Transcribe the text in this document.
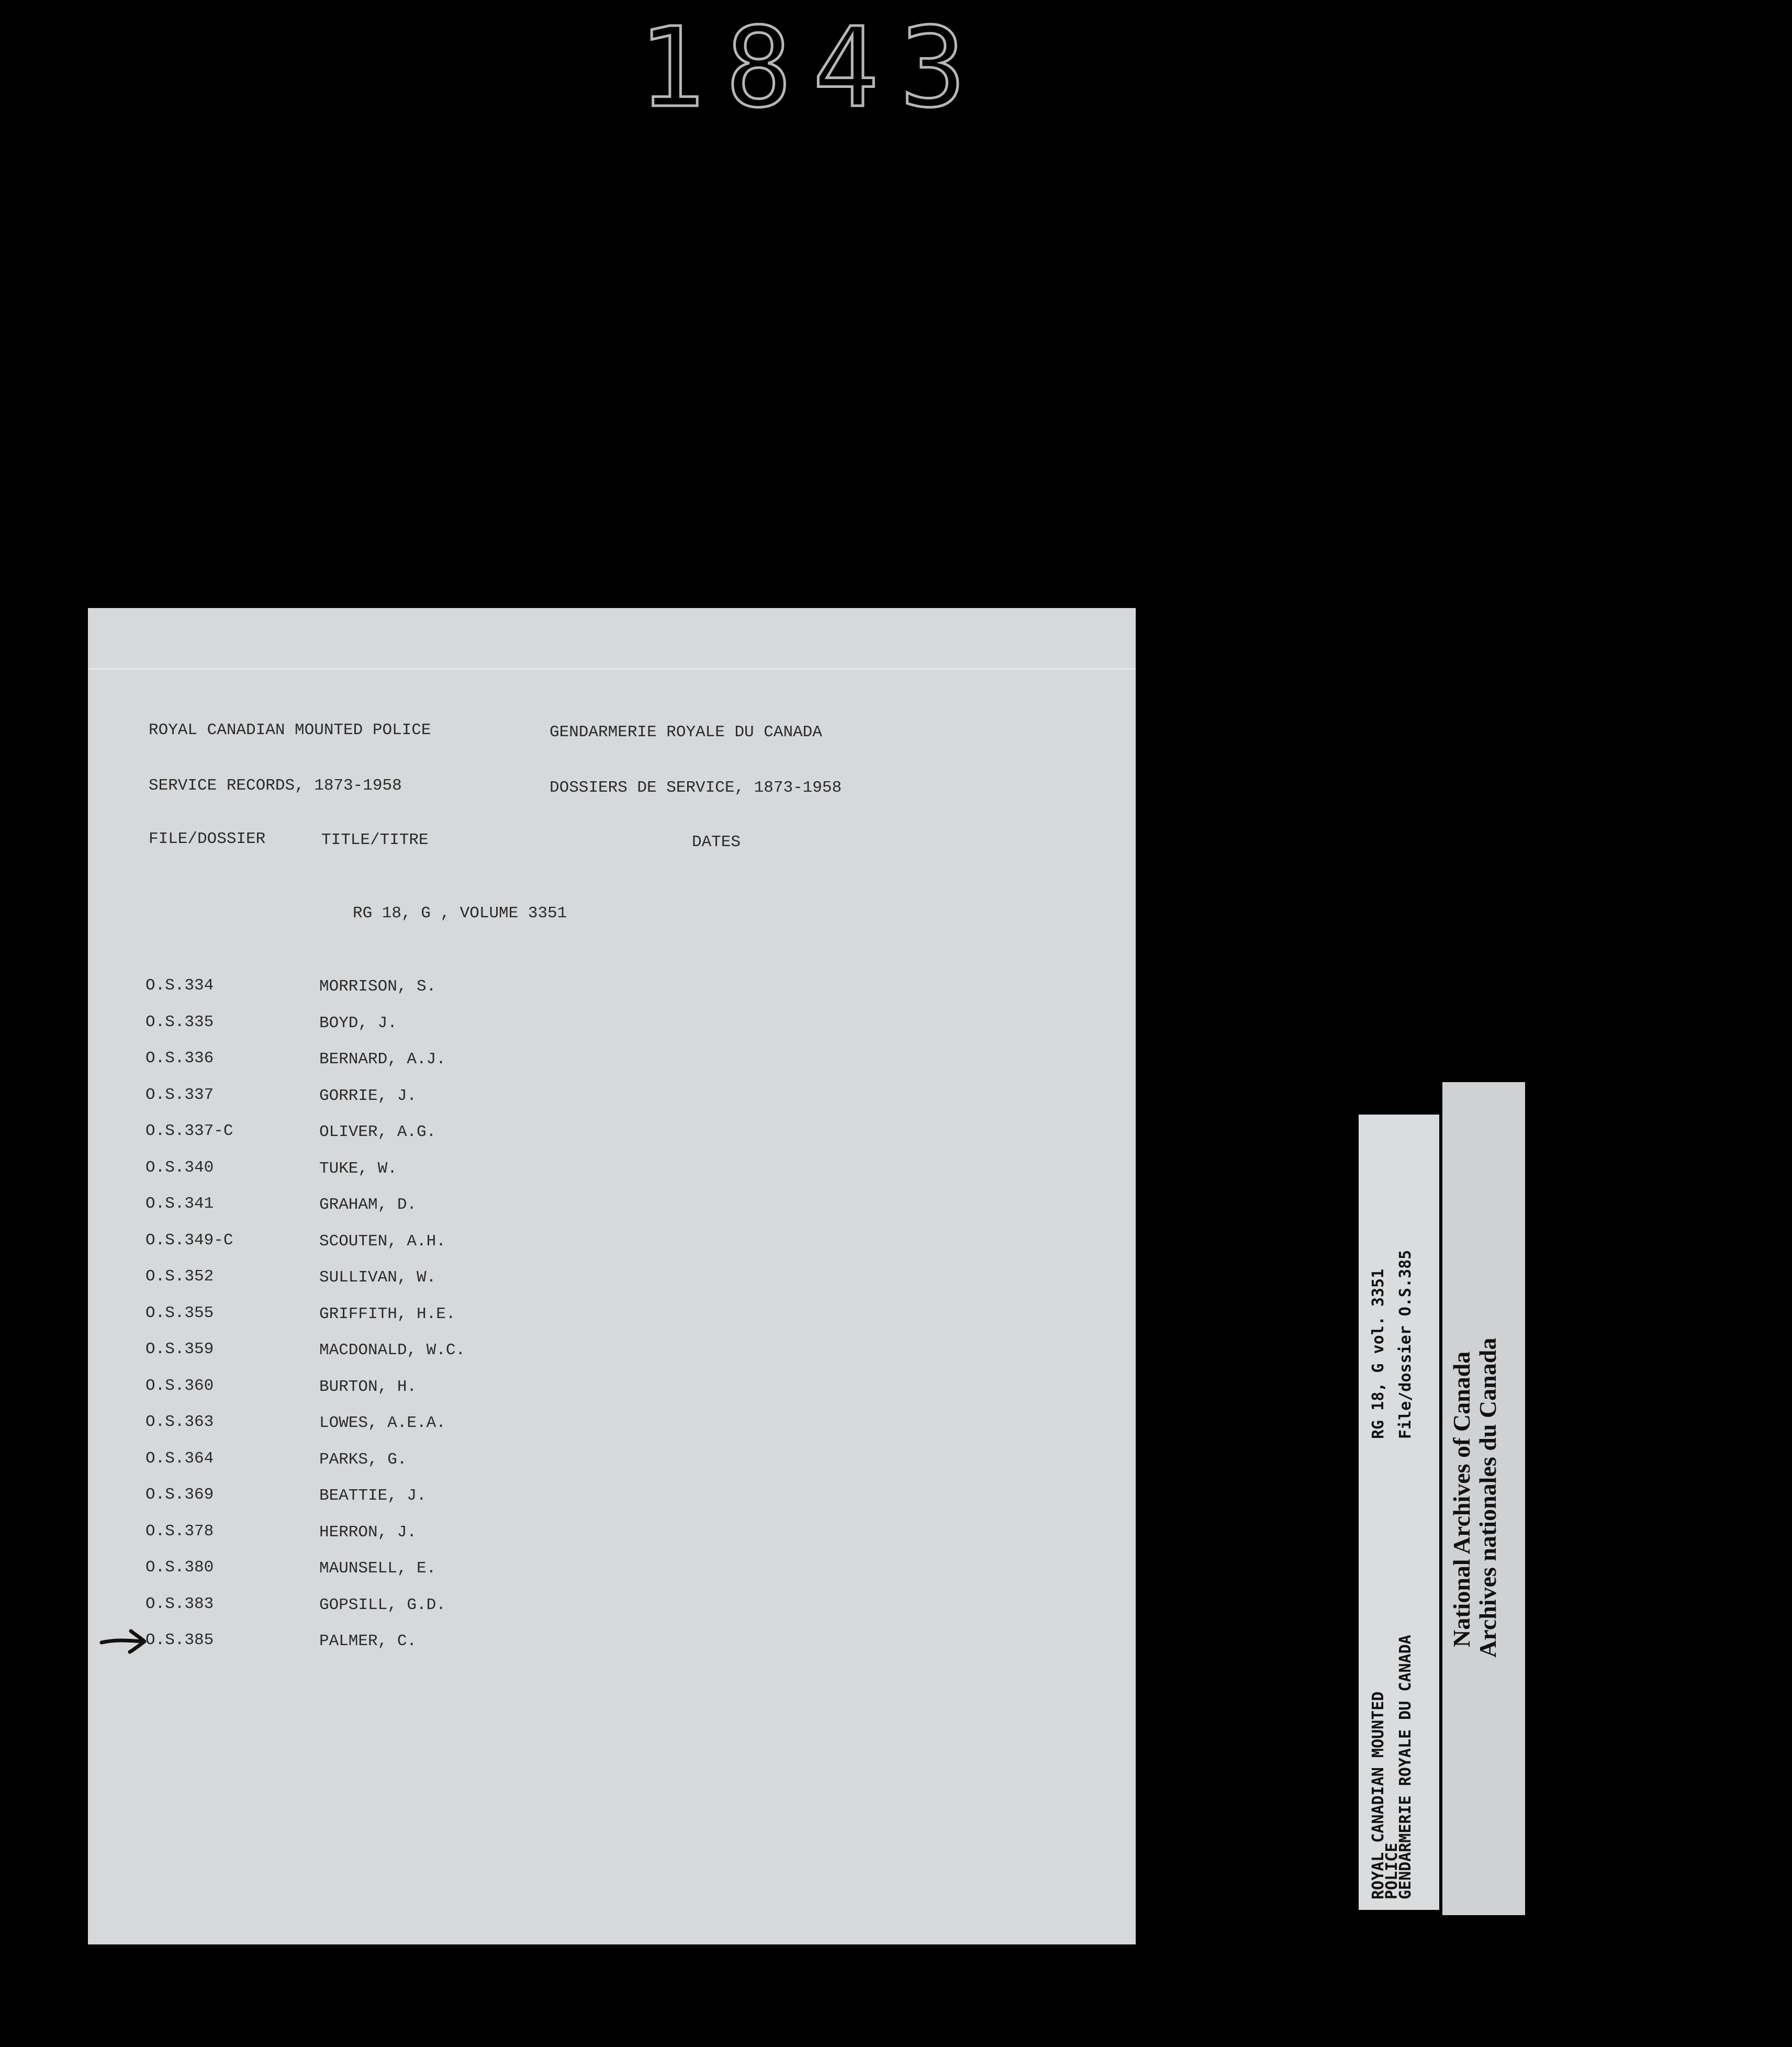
1843
ROYAL CANADIAN MOUNTED POLICE	GENDARMERIE ROYALE DU CANADA
SERVICE RECORDS, 1873-1958	DOSSIERS DE SERVICE, 1873-1958
FILE/DOSSIER	TITLE/TITRE	DATES
RG 18, G , VOLUME 3351
O.S.334	MORRISON, S.
O.S.335	BOYD, J.
O.S.336	BERNARD, A.J.
O.S.337	GORRIE, J.
O.S.337-C	OLIVER, A.G.
O.S.340	TUKE, W.
O.S.341	GRAHAM, D.
O.S.349-C	SCOUTEN, A.H.
O.S.352	SULLIVAN, W.
O.S.355	GRIFFITH, H.E.
O.S.359	MACDONALD, W.C.
O.S.360	BURTON, H.
O.S.363	LOWES, A.E.A.
O.S.364	PARKS, G.
O.S.369	BEATTIE, J.
O.S.378	HERRON, J.
O.S.380	MAUNSELL, E.
O.S.383	GOPSILL, G.D.
O.S.385	PALMER, C.
ROYAL CANADIAN MOUNTED
POLICE
GENDARMERIE ROYALE DU CANADA
RG 18, G vol. 3351 File/dossier O.S.385
National Archives of Canada Archives nationales du Canada
